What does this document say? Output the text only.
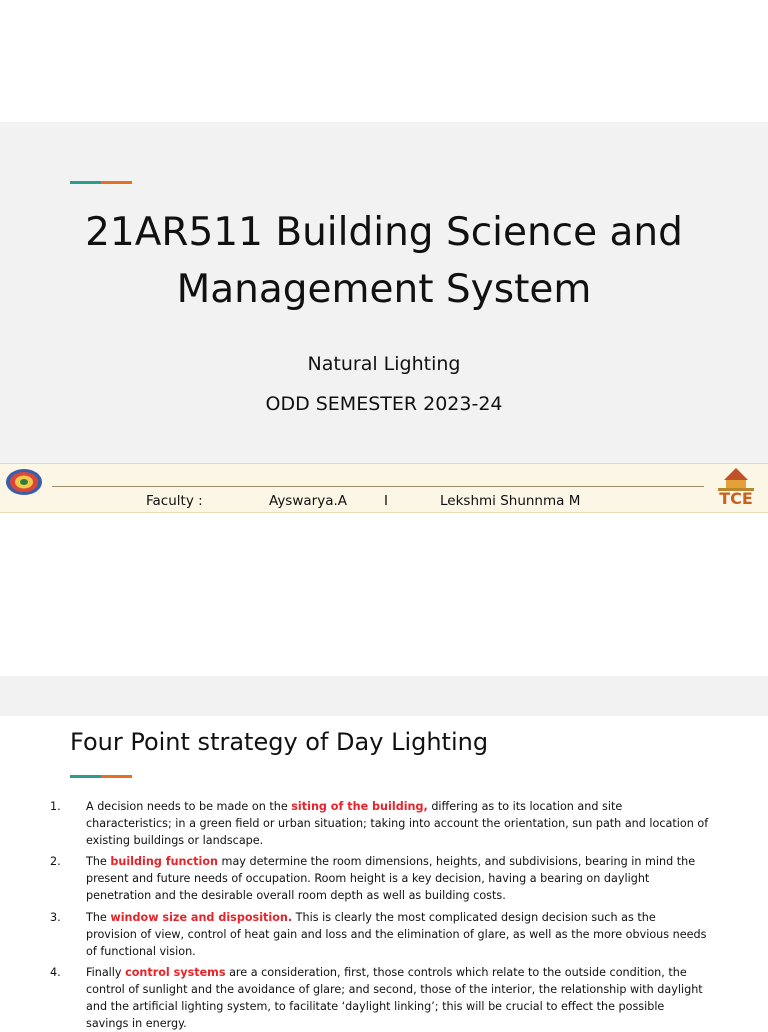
21AR511 Building Science and
Management System
Natural Lighting
ODD SEMESTER 2023-24
TCE
Faculty :	Ayswarya.A	I	Lekshmi Shunnma M
Four Point strategy of Day Lighting
1. A decision needs to be made on the siting of the building, differing as to its location and site characteristics; in a green field or urban situation; taking into account the orientation, sun path and location of existing buildings or landscape.
2. The building function may determine the room dimensions, heights, and subdivisions, bearing in mind the present and future needs of occupation. Room height is a key decision, having a bearing on daylight penetration and the desirable overall room depth as well as building costs.
3. The window size and disposition. This is clearly the most complicated design decision such as the provision of view, control of heat gain and loss and the elimination of glare, as well as the more obvious needs of functional vision.
4. Finally control systems are a consideration, first, those controls which relate to the outside condition, the control of sunlight and the avoidance of glare; and second, those of the interior, the relationship with daylight and the artificial lighting system, to facilitate ‘daylight linking’; this will be crucial to effect the possible savings in energy.
